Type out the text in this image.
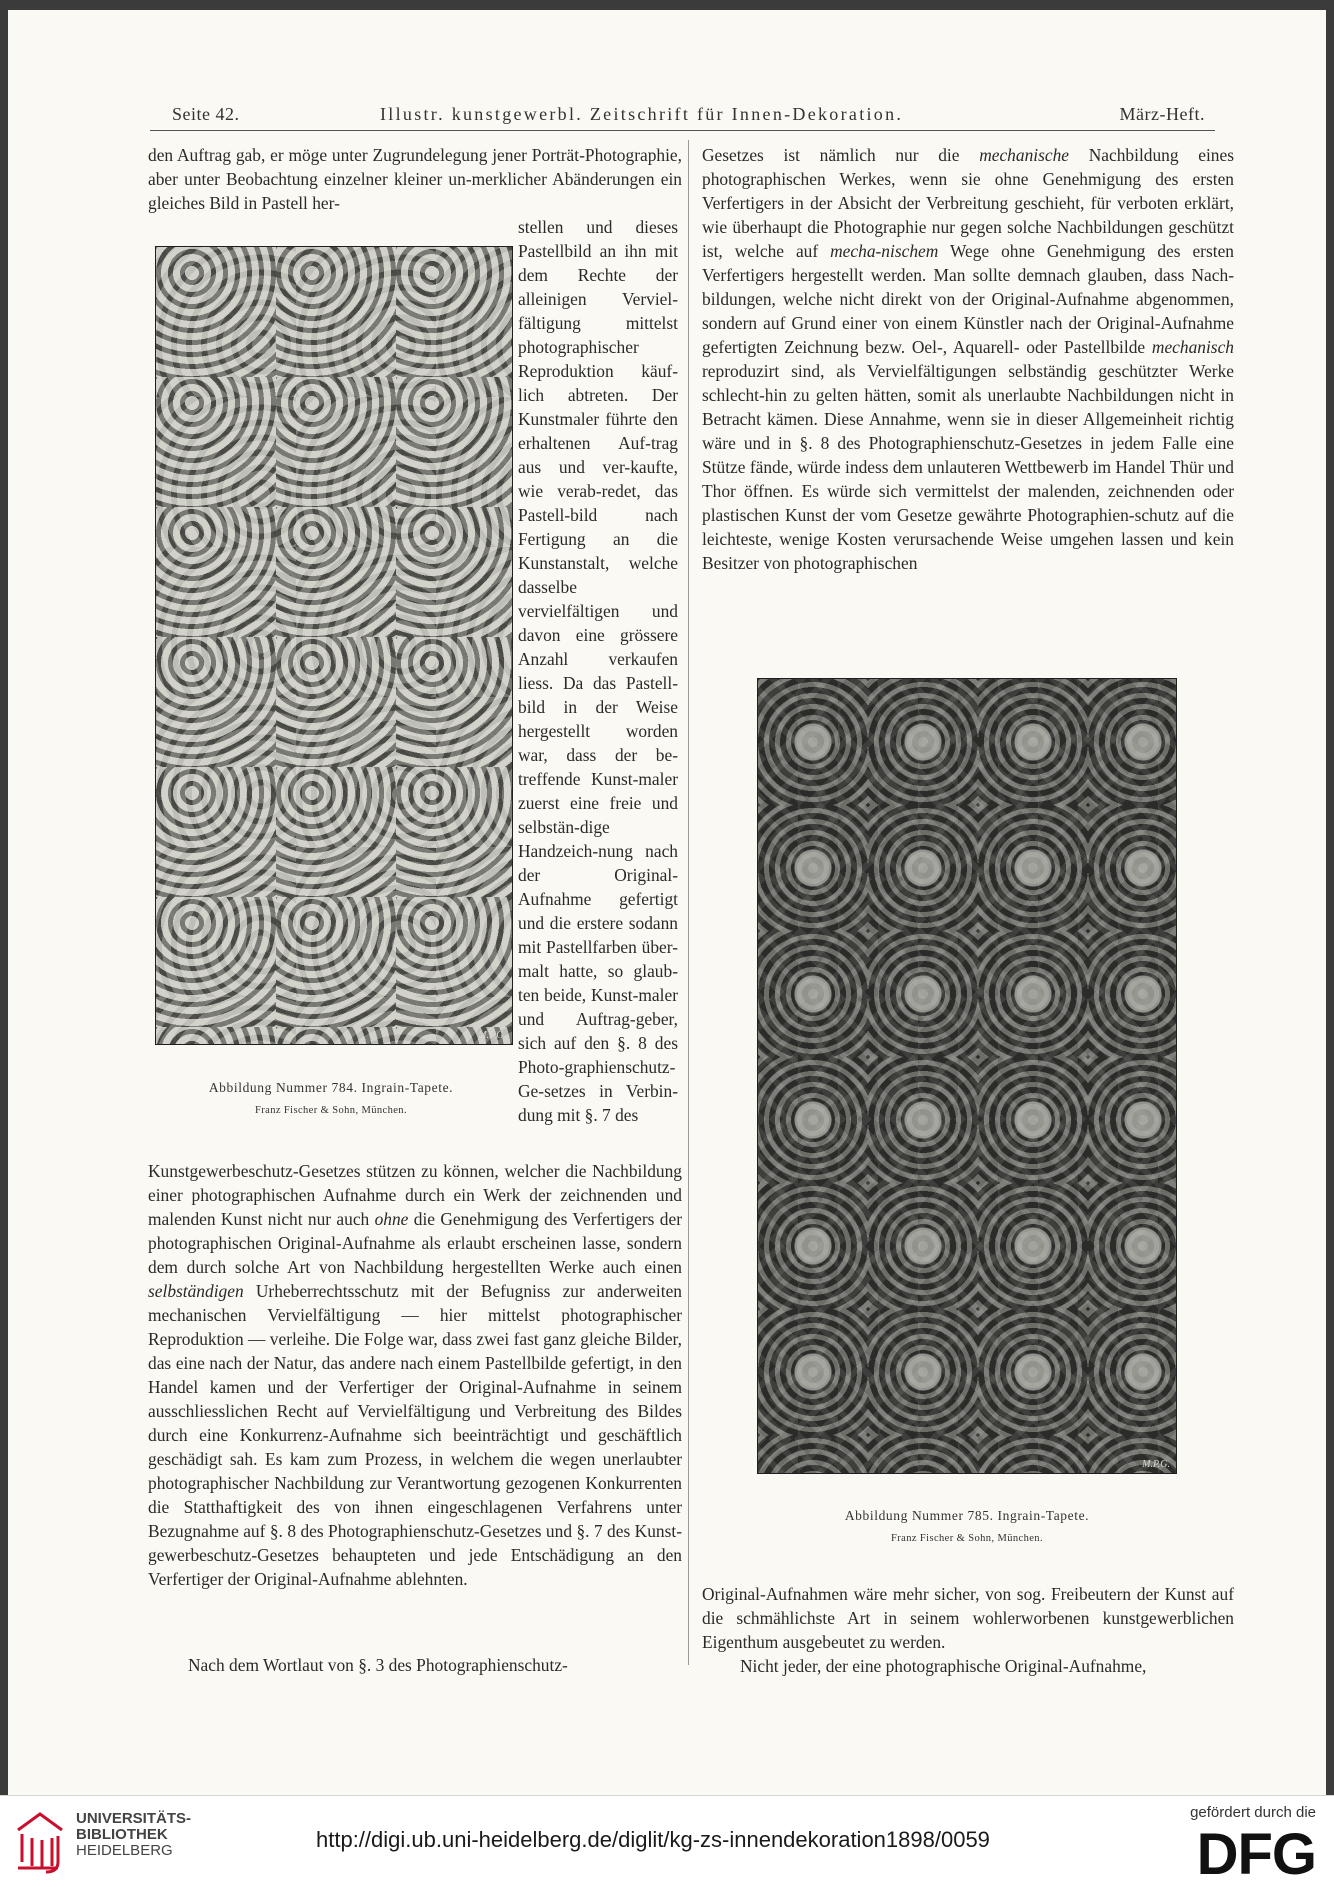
Seite 42.	Illustr. kunstgewerbl. Zeitschrift für Innen-Dekoration.	März-Heft.

den Auftrag gab, er möge unter Zugrundelegung jener Porträt-Photographie, aber unter Beobachtung einzelner kleiner un-merklicher Abänderungen ein gleiches Bild in Pastell her-

M.P.G.

stellen und dieses Pastellbild an ihn mit dem Rechte der alleinigen Verviel-fältigung mittelst photographischer Reproduktion käuf-lich abtreten. Der Kunstmaler führte den erhaltenen Auf-trag aus und ver-kaufte, wie verab-redet, das Pastell-bild nach Fertigung an die Kunstanstalt, welche dasselbe vervielfältigen und davon eine grössere Anzahl verkaufen liess. Da das Pastell-bild in der Weise hergestellt worden war, dass der be-treffende Kunst-maler zuerst eine freie und selbstän-dige Handzeich-nung nach der Original-Aufnahme gefertigt und die erstere sodann mit Pastellfarben über-malt hatte, so glaub-ten beide, Kunst-maler und Auftrag-geber, sich auf den §. 8 des Photo-graphienschutz-Ge-setzes in Verbin-dung mit §. 7 des

Abbildung Nummer 784. Ingrain-Tapete.
Franz Fischer & Sohn, München.

Kunstgewerbeschutz-Gesetzes stützen zu können, welcher die Nachbildung einer photographischen Aufnahme durch ein Werk der zeichnenden und malenden Kunst nicht nur auch ohne die Genehmigung des Verfertigers der photographischen Original-Aufnahme als erlaubt erscheinen lasse, sondern dem durch solche Art von Nachbildung hergestellten Werke auch einen selbständigen Urheberrechtsschutz mit der Befugniss zur anderweiten mechanischen Vervielfältigung — hier mittelst photographischer Reproduktion — verleihe. Die Folge war, dass zwei fast ganz gleiche Bilder, das eine nach der Natur, das andere nach einem Pastellbilde gefertigt, in den Handel kamen und der Verfertiger der Original-Aufnahme in seinem ausschliesslichen Recht auf Vervielfältigung und Verbreitung des Bildes durch eine Konkurrenz-Aufnahme sich beeinträchtigt und geschäftlich geschädigt sah. Es kam zum Prozess, in welchem die wegen unerlaubter photographischer Nachbildung zur Verantwortung gezogenen Konkurrenten die Statthaftigkeit des von ihnen eingeschlagenen Verfahrens unter Bezugnahme auf §. 8 des Photographienschutz-Gesetzes und §. 7 des Kunst-gewerbeschutz-Gesetzes behaupteten und jede Entschädigung an den Verfertiger der Original-Aufnahme ablehnten.

Nach dem Wortlaut von §. 3 des Photographienschutz-

Gesetzes ist nämlich nur die mechanische Nachbildung eines photographischen Werkes, wenn sie ohne Genehmigung des ersten Verfertigers in der Absicht der Verbreitung geschieht, für verboten erklärt, wie überhaupt die Photographie nur gegen solche Nachbildungen geschützt ist, welche auf mecha-nischem Wege ohne Genehmigung des ersten Verfertigers hergestellt werden. Man sollte demnach glauben, dass Nach-bildungen, welche nicht direkt von der Original-Aufnahme abgenommen, sondern auf Grund einer von einem Künstler nach der Original-Aufnahme gefertigten Zeichnung bezw. Oel-, Aquarell- oder Pastellbilde mechanisch reproduzirt sind, als Vervielfältigungen selbständig geschützter Werke schlecht-hin zu gelten hätten, somit als unerlaubte Nachbildungen nicht in Betracht kämen. Diese Annahme, wenn sie in dieser Allgemeinheit richtig wäre und in §. 8 des Photographienschutz-Gesetzes in jedem Falle eine Stütze fände, würde indess dem unlauteren Wettbewerb im Handel Thür und Thor öffnen. Es würde sich vermittelst der malenden, zeichnenden oder plastischen Kunst der vom Gesetze gewährte Photographien-schutz auf die leichteste, wenige Kosten verursachende Weise umgehen lassen und kein Besitzer von photographischen

M.P.G.
Abbildung Nummer 785. Ingrain-Tapete.
Franz Fischer & Sohn, München.

Original-Aufnahmen wäre mehr sicher, von sog. Freibeutern der Kunst auf die schmählichste Art in seinem wohlerworbenen kunstgewerblichen Eigenthum ausgebeutet zu werden.

Nicht jeder, der eine photographische Original-Aufnahme,

UNIVERSITÄTS-
BIBLIOTHEK
HEIDELBERG	http://digi.ub.uni-heidelberg.de/diglit/kg-zs-innendekoration1898/0059
gefördert durch die
DFG
